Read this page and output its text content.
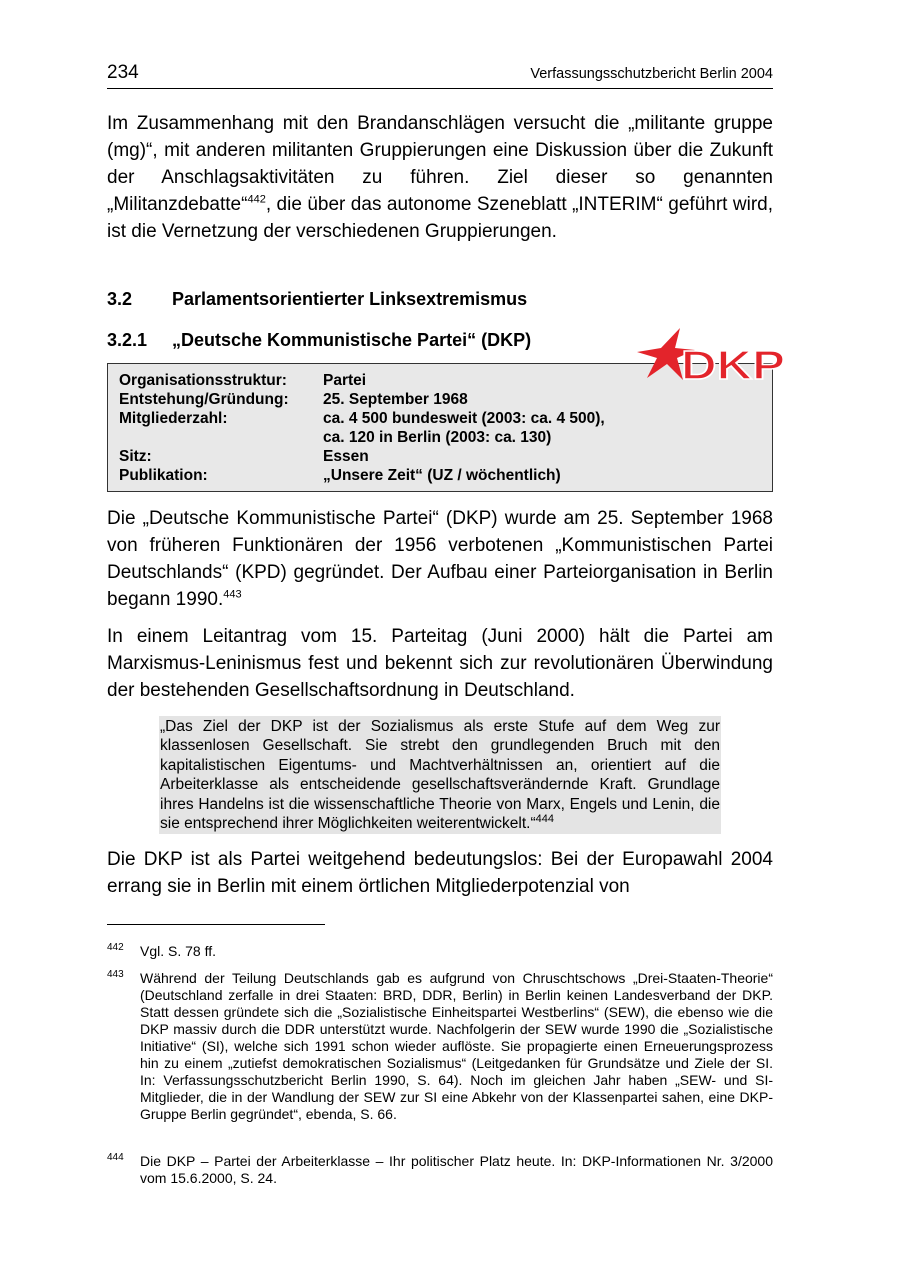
234	Verfassungsschutzbericht Berlin 2004

Im Zusammenhang mit den Brandanschlägen versucht die „militante gruppe (mg)“, mit anderen militanten Gruppierungen eine Diskussion über die Zukunft der Anschlagsaktivitäten zu führen. Ziel dieser so genannten „Militanzdebatte“$^{442}$, die über das autonome Szeneblatt „INTERIM“ geführt wird, ist die Vernetzung der verschiedenen Gruppierungen.

3.2 Parlamentsorientierter Linksextremismus
3.2.1 „Deutsche Kommunistische Partei“ (DKP)
Organisationsstruktur:	Partei
Entstehung/Gründung:	25. September 1968
Mitgliederzahl:	ca. 4 500 bundesweit (2003: ca. 4 500),
ca. 120 in Berlin (2003: ca. 130)
Sitz:	Essen
Publikation:	„Unsere Zeit“ (UZ / wöchentlich)
DKP

Die „Deutsche Kommunistische Partei“ (DKP) wurde am 25. September 1968 von früheren Funktionären der 1956 verbotenen „Kommunistischen Partei Deutschlands“ (KPD) gegründet. Der Aufbau einer Parteiorganisation in Berlin begann 1990.$^{443}$

In einem Leitantrag vom 15. Parteitag (Juni 2000) hält die Partei am Marxismus-Leninismus fest und bekennt sich zur revolutionären Überwindung der bestehenden Gesellschaftsordnung in Deutschland.

„Das Ziel der DKP ist der Sozialismus als erste Stufe auf dem Weg zur klassenlosen Gesellschaft. Sie strebt den grundlegenden Bruch mit den kapitalistischen Eigentums- und Machtverhältnissen an, orientiert auf die Arbeiterklasse als entscheidende gesellschaftsverändernde Kraft. Grundlage ihres Handelns ist die wissenschaftliche Theorie von Marx, Engels und Lenin, die sie entsprechend ihrer Möglichkeiten weiterentwickelt.“$^{444}$

Die DKP ist als Partei weitgehend bedeutungslos: Bei der Europawahl 2004 errang sie in Berlin mit einem örtlichen Mitgliederpotenzial von

442 Vgl. S. 78 ff.
443 Während der Teilung Deutschlands gab es aufgrund von Chruschtschows „Drei-Staaten-Theorie“ (Deutschland zerfalle in drei Staaten: BRD, DDR, Berlin) in Berlin keinen Landesverband der DKP. Statt dessen gründete sich die „Sozialistische Einheitspartei Westberlins“ (SEW), die ebenso wie die DKP massiv durch die DDR unterstützt wurde. Nachfolgerin der SEW wurde 1990 die „Sozialistische Initiative“ (SI), welche sich 1991 schon wieder auflöste. Sie propagierte einen Erneuerungsprozess hin zu einem „zutiefst demokratischen Sozialismus“ (Leitgedanken für Grundsätze und Ziele der SI. In: Verfassungsschutzbericht Berlin 1990, S. 64). Noch im gleichen Jahr haben „SEW- und SI-Mitglieder, die in der Wandlung der SEW zur SI eine Abkehr von der Klassenpartei sahen, eine DKP-Gruppe Berlin gegründet“, ebenda, S. 66.
444 Die DKP – Partei der Arbeiterklasse – Ihr politischer Platz heute. In: DKP-Informationen Nr. 3/2000 vom 15.6.2000, S. 24.
